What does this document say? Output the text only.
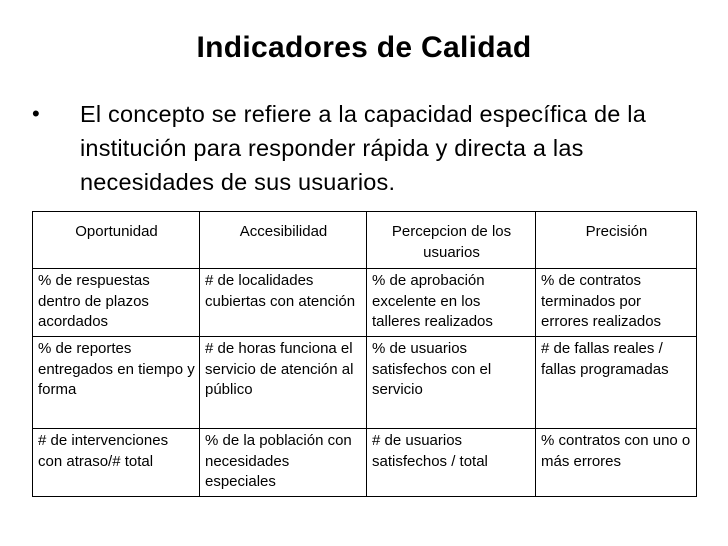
Indicadores de Calidad
• El concepto se refiere a la capacidad específica de la institución para responder rápida y directa a las necesidades de sus usuarios.
Oportunidad	Accesibilidad	Percepcion de los usuarios	Precisión
% de respuestas dentro de plazos acordados	# de localidades cubiertas con atención	% de aprobación excelente en los talleres realizados	% de contratos terminados por errores realizados
% de reportes entregados en tiempo y forma	# de horas funciona el servicio de atención al público	% de usuarios satisfechos con el servicio	# de fallas reales / fallas programadas
# de intervenciones con atraso/# total	% de la población con necesidades especiales	# de usuarios satisfechos / total	% contratos con uno o más errores
